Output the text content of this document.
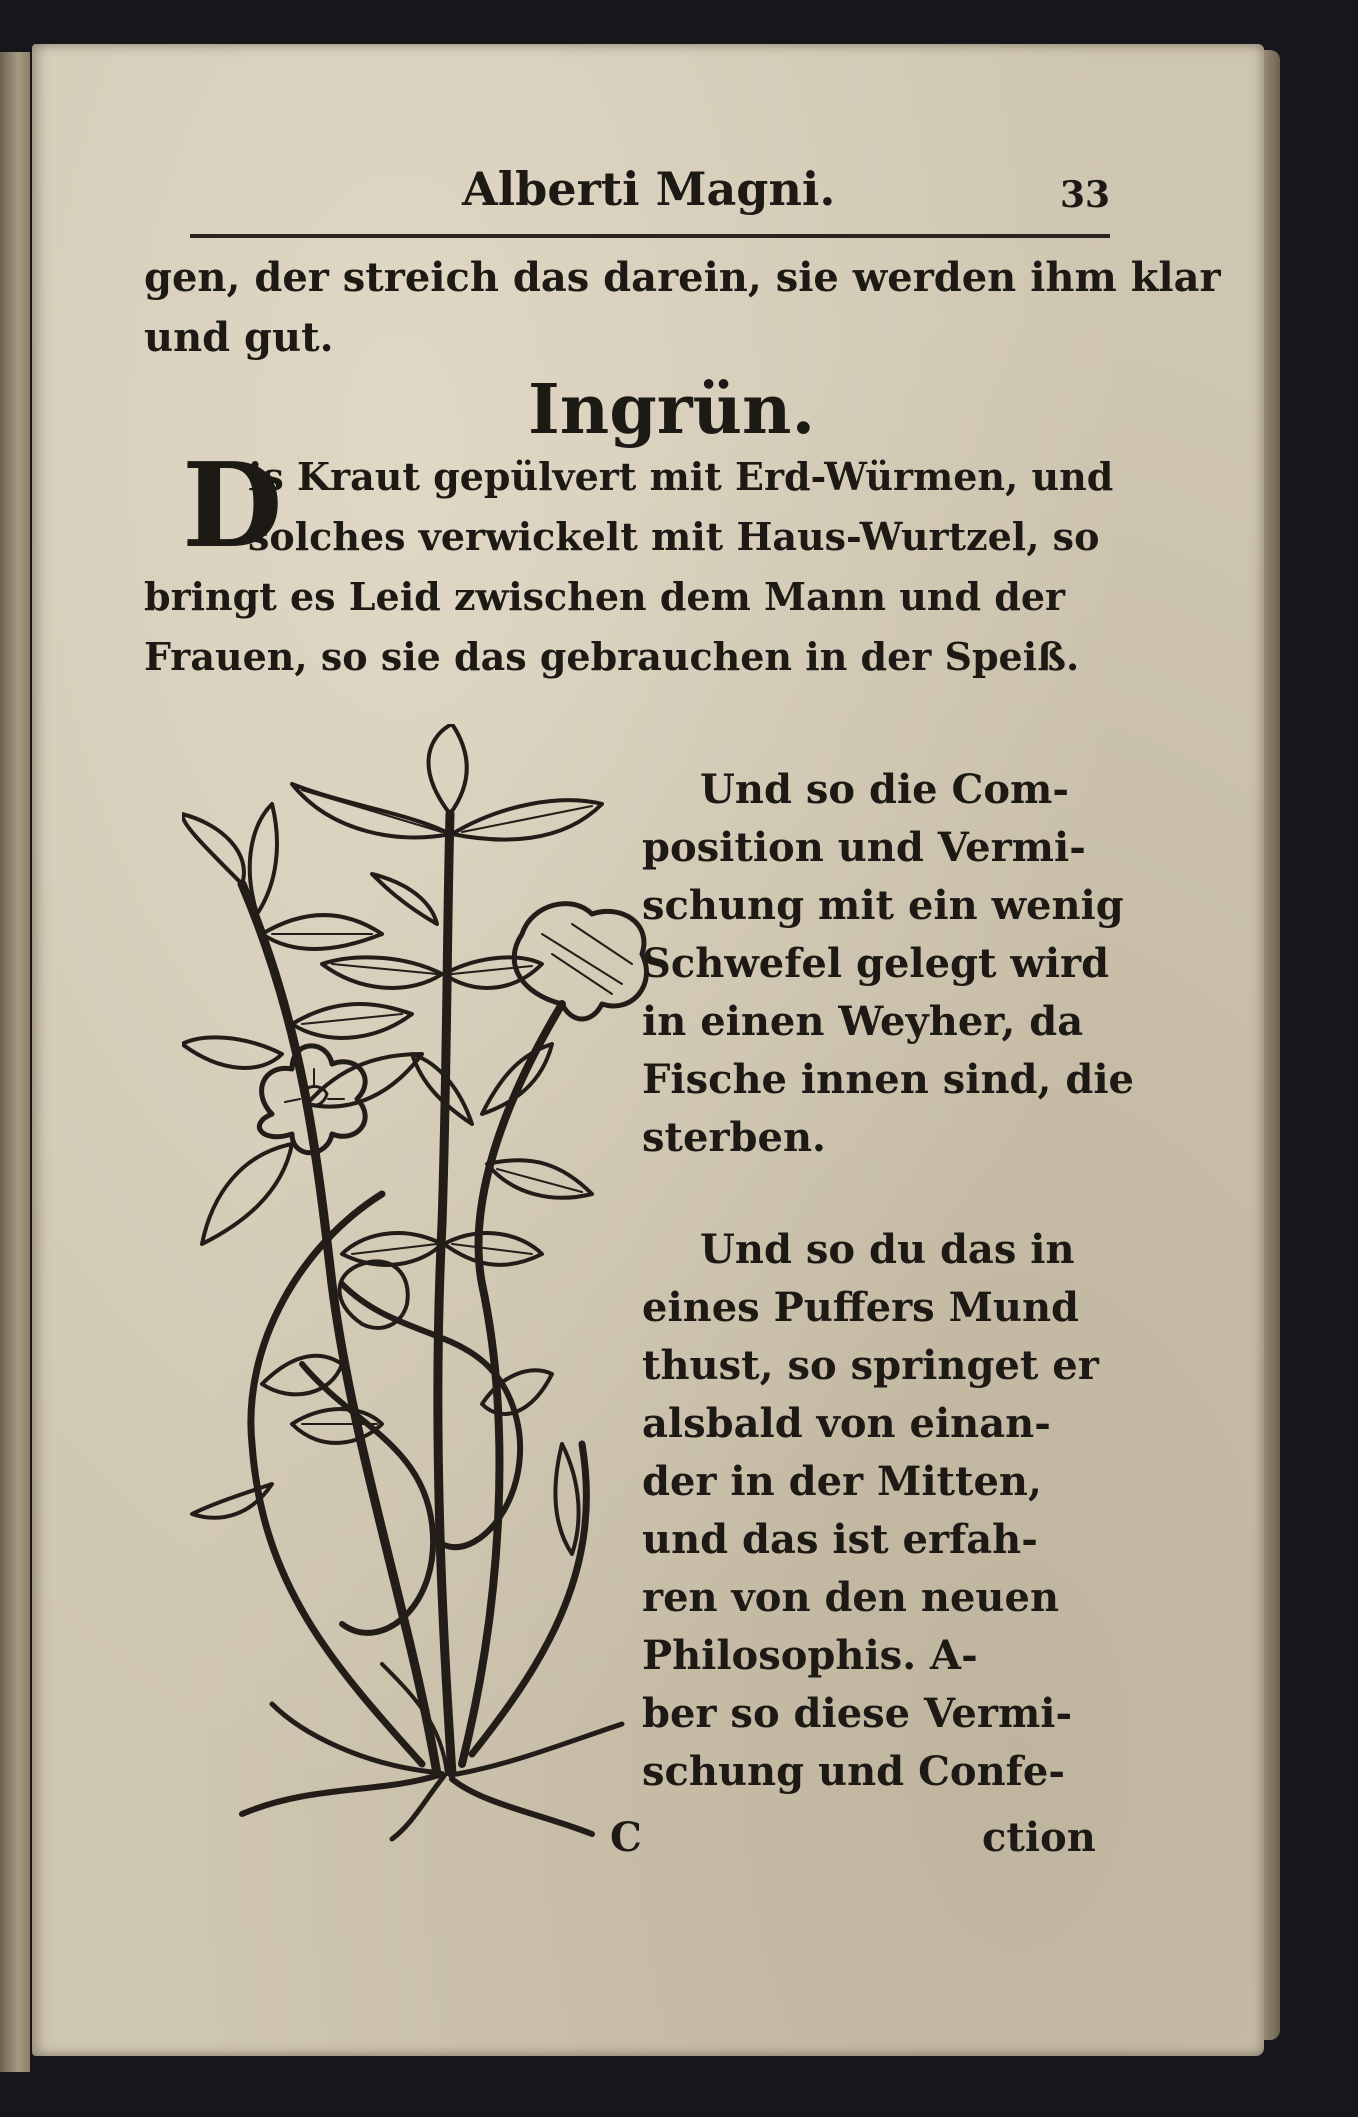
Alberti Magni.	33

gen, der streich das darein, sie werden ihm klar

und gut.

Ingrün.

D

is Kraut gepülvert mit Erd-Würmen, und

solches verwickelt mit Haus-Wurtzel, so

bringt es Leid zwischen dem Mann und der

Frauen, so sie das gebrauchen in der Speiß.

Und so die Com-

position und Vermi-

schung mit ein wenig

Schwefel gelegt wird

in einen Weyher, da

Fische innen sind, die

sterben.

Und so du das in

eines Puffers Mund

thust, so springet er

alsbald von einan-

der in der Mitten,

und das ist erfah-

ren von den neuen

Philosophis. A-

ber so diese Vermi-

schung und Confe-

C	ction
